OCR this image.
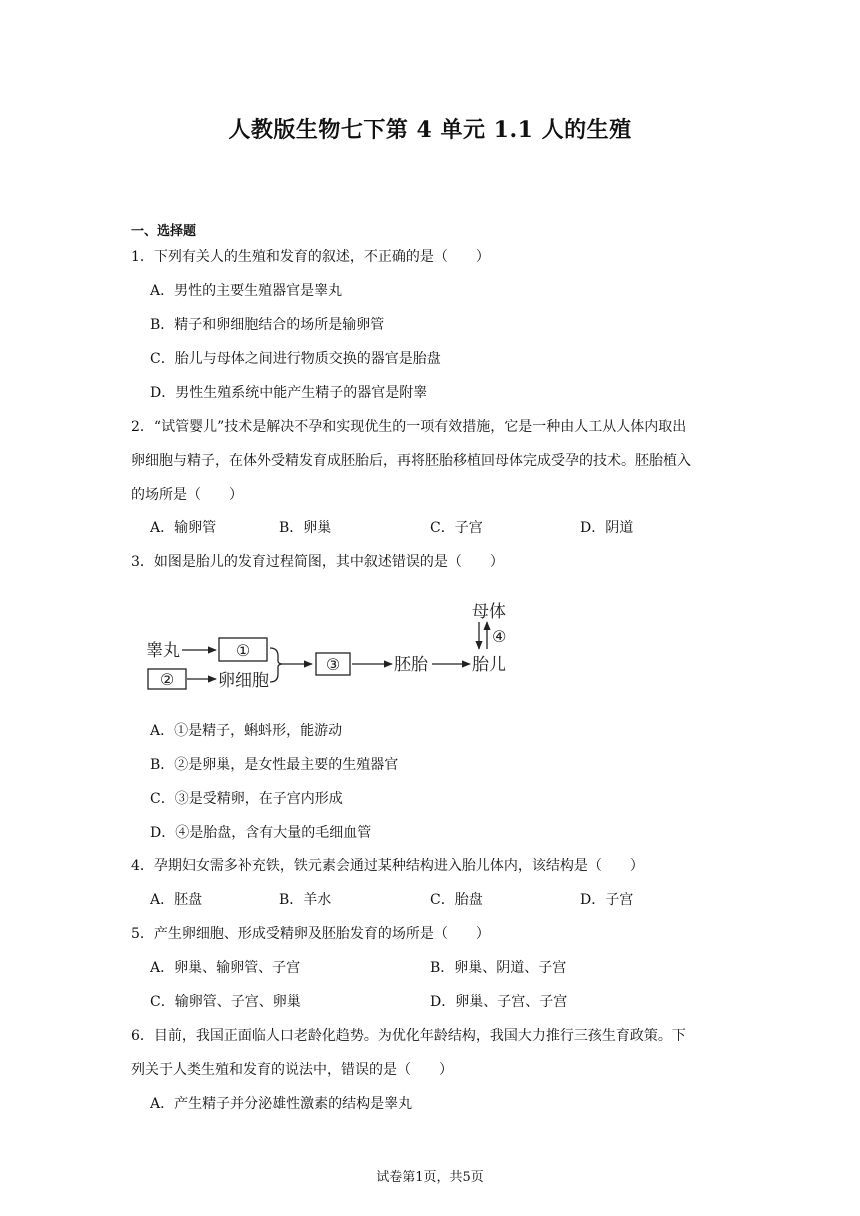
人教版生物七下第 4 单元 1.1 人的生殖
一、选择题
1．下列有关人的生殖和发育的叙述，不正确的是（　　）
A．男性的主要生殖器官是睾丸
B．精子和卵细胞结合的场所是输卵管
C．胎儿与母体之间进行物质交换的器官是胎盘
D．男性生殖系统中能产生精子的器官是附睾
2．“试管婴儿”技术是解决不孕和实现优生的一项有效措施，它是一种由人工从人体内取出
卵细胞与精子，在体外受精发育成胚胎后，再将胚胎移植回母体完成受孕的技术。胚胎植入
的场所是（　　）
A．输卵管	B．卵巢	C．子宫	D．阴道
3．如图是胎儿的发育过程简图，其中叙述错误的是（　　）
睾丸	①
②	卵细胞
③	胚胎	胎儿
母体
④
A．①是精子，蝌蚪形，能游动
B．②是卵巢，是女性最主要的生殖器官
C．③是受精卵，在子宫内形成
D．④是胎盘，含有大量的毛细血管
4．孕期妇女需多补充铁，铁元素会通过某种结构进入胎儿体内，该结构是（　　）
A．胚盘	B．羊水	C．胎盘	D．子宫
5．产生卵细胞、形成受精卵及胚胎发育的场所是（　　）
A．卵巢、输卵管、子宫	B．卵巢、阴道、子宫
C．输卵管、子宫、卵巢	D．卵巢、子宫、子宫
6．目前，我国正面临人口老龄化趋势。为优化年龄结构，我国大力推行三孩生育政策。下
列关于人类生殖和发育的说法中，错误的是（　　）
A．产生精子并分泌雄性激素的结构是睾丸
试卷第1页，共5页
